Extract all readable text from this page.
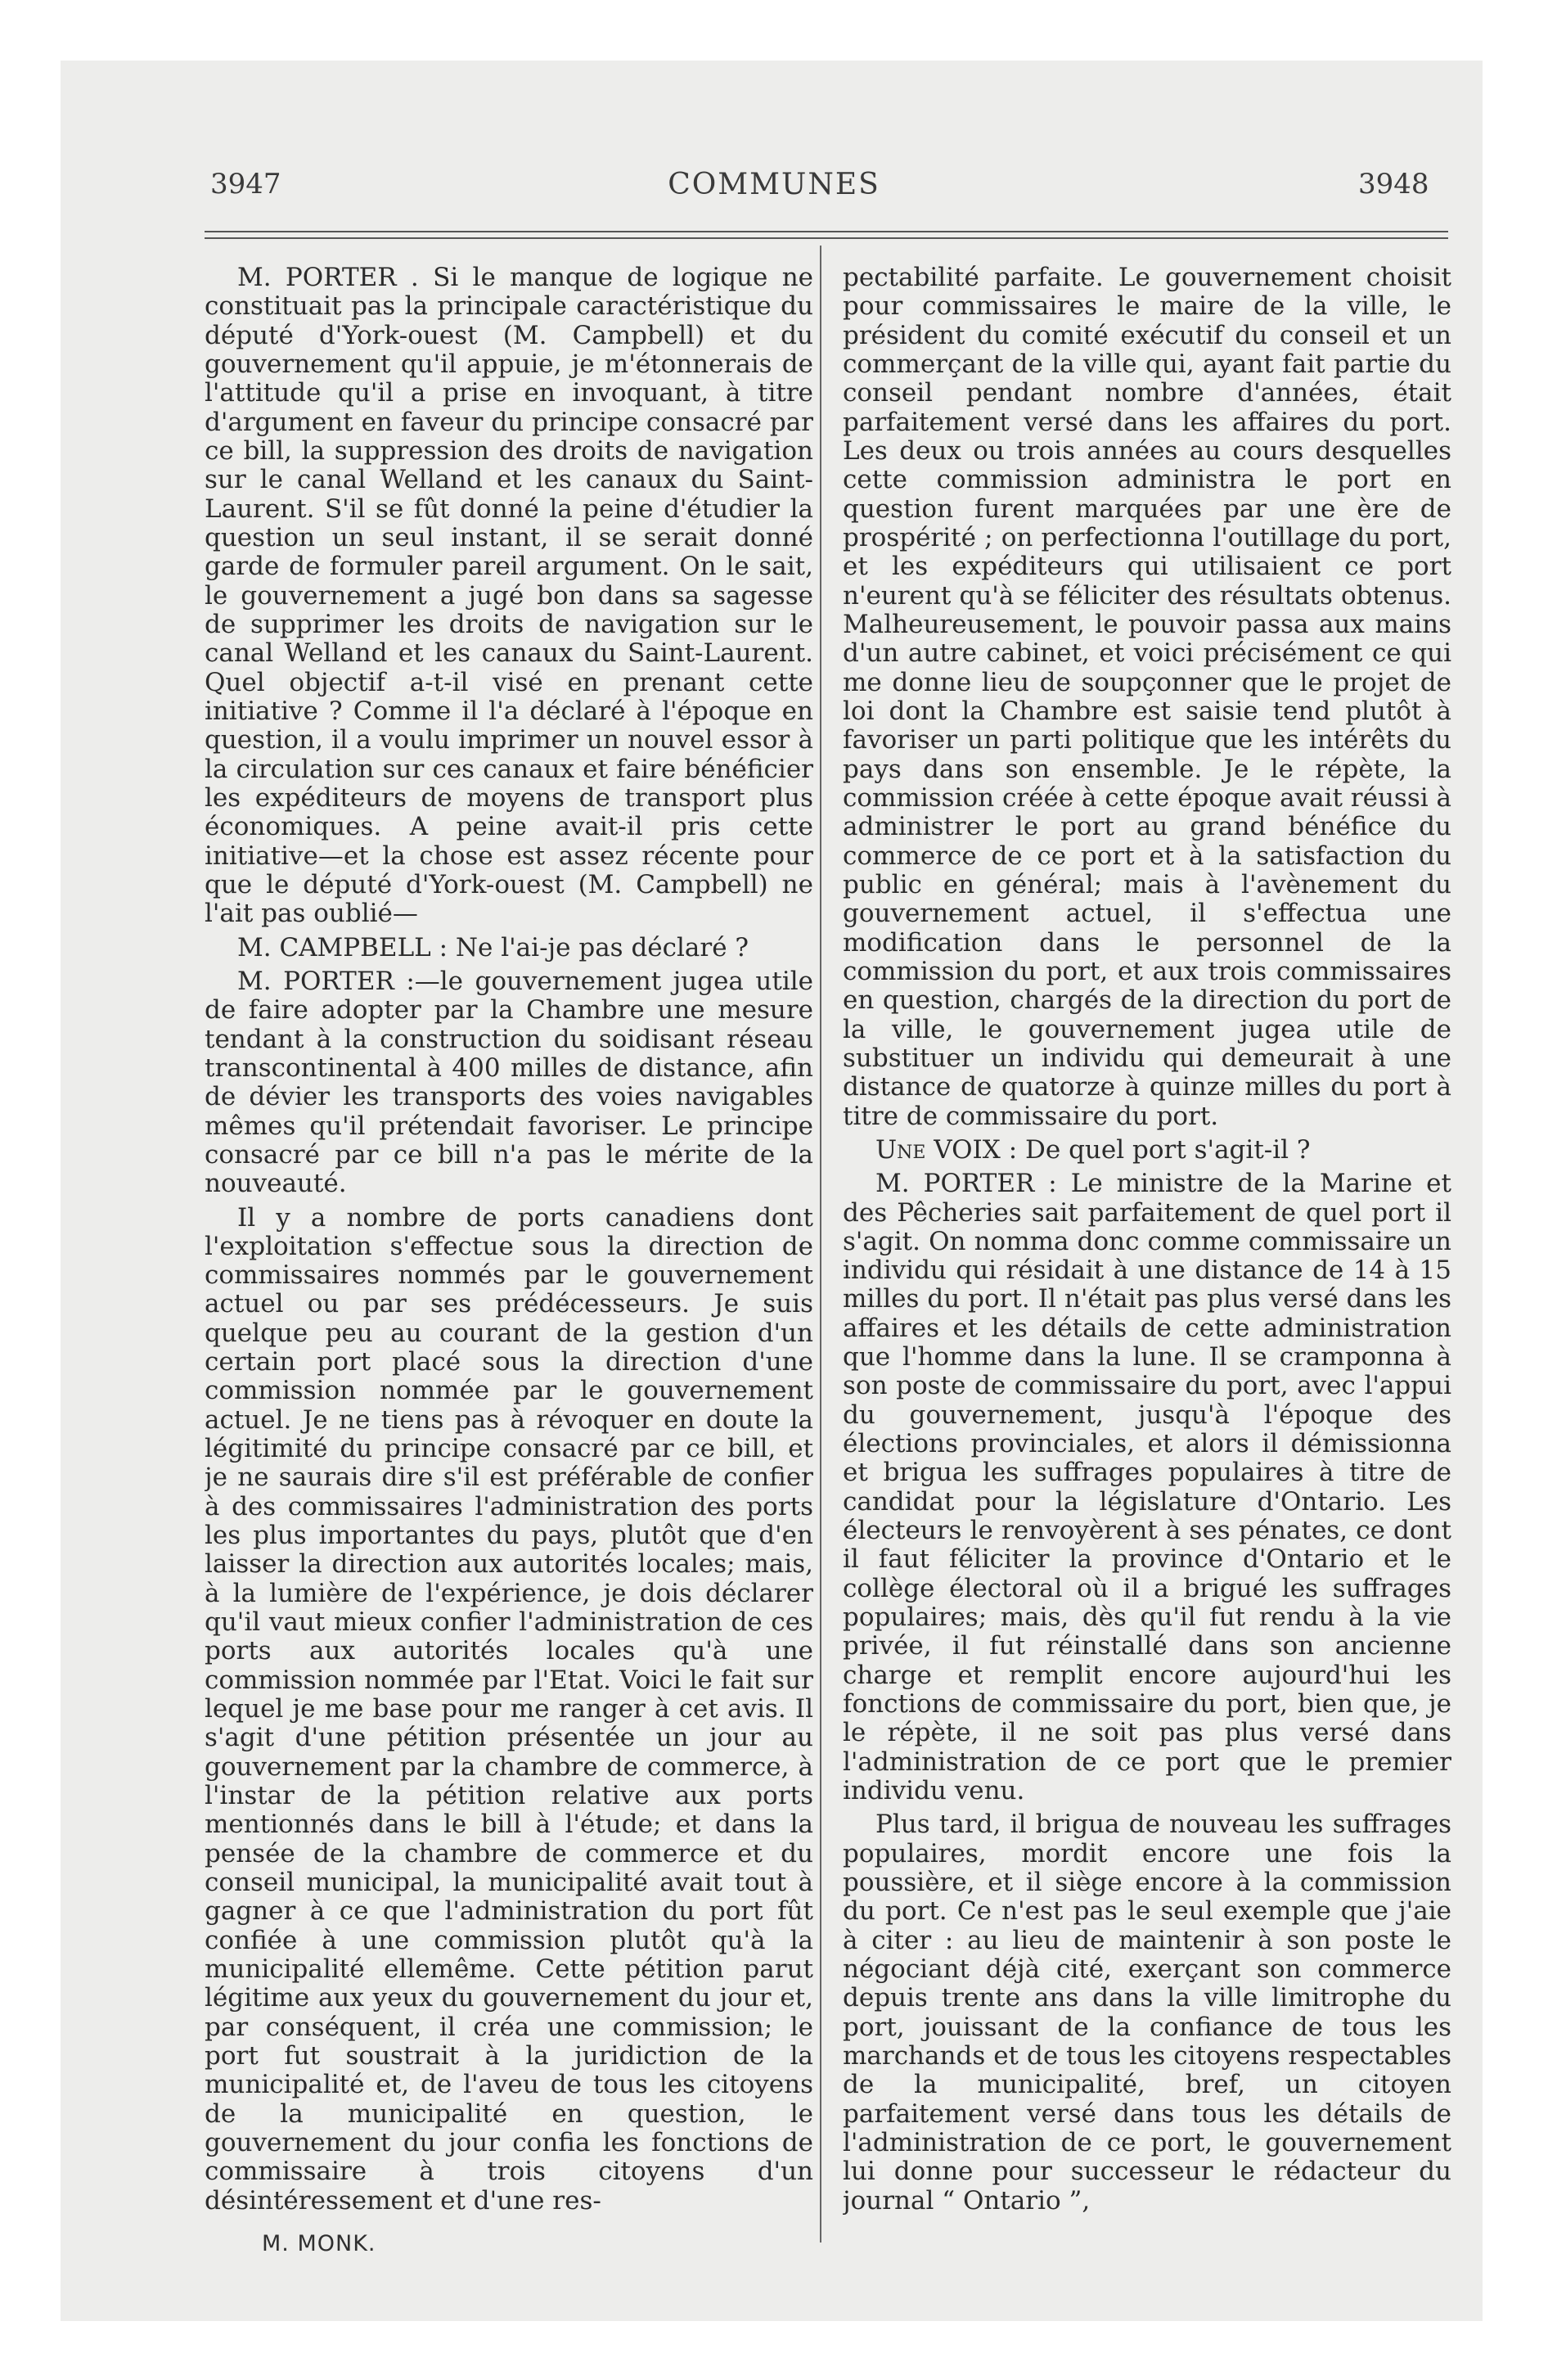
3947	COMMUNES	3948

M. PORTER . Si le manque de logique ne constituait pas la principale caractéristique du député d'York-ouest (M. Campbell) et du gouvernement qu'il appuie, je m'étonnerais de l'attitude qu'il a prise en invoquant, à titre d'argument en faveur du principe consacré par ce bill, la suppression des droits de navigation sur le canal Welland et les canaux du Saint-Laurent. S'il se fût donné la peine d'étudier la question un seul instant, il se serait donné garde de formuler pareil argument. On le sait, le gouvernement a jugé bon dans sa sagesse de supprimer les droits de navigation sur le canal Welland et les canaux du Saint-Laurent. Quel objectif a-t-il visé en prenant cette initiative ? Comme il l'a déclaré à l'époque en question, il a voulu imprimer un nouvel essor à la circulation sur ces canaux et faire bénéficier les expéditeurs de moyens de transport plus économiques. A peine avait-il pris cette initiative—et la chose est assez récente pour que le député d'York-ouest (M. Campbell) ne l'ait pas oublié—

M. CAMPBELL : Ne l'ai-je pas déclaré ?

M. PORTER :—le gouvernement jugea utile de faire adopter par la Chambre une mesure tendant à la construction du soidisant réseau transcontinental à 400 milles de distance, afin de dévier les transports des voies navigables mêmes qu'il prétendait favoriser. Le principe consacré par ce bill n'a pas le mérite de la nouveauté.

Il y a nombre de ports canadiens dont l'exploitation s'effectue sous la direction de commissaires nommés par le gouvernement actuel ou par ses prédécesseurs. Je suis quelque peu au courant de la gestion d'un certain port placé sous la direction d'une commission nommée par le gouvernement actuel. Je ne tiens pas à révoquer en doute la légitimité du principe consacré par ce bill, et je ne saurais dire s'il est préférable de confier à des commissaires l'administration des ports les plus importantes du pays, plutôt que d'en laisser la direction aux autorités locales; mais, à la lumière de l'expérience, je dois déclarer qu'il vaut mieux confier l'administration de ces ports aux autorités locales qu'à une commission nommée par l'Etat. Voici le fait sur lequel je me base pour me ranger à cet avis. Il s'agit d'une pétition présentée un jour au gouvernement par la chambre de commerce, à l'instar de la pétition relative aux ports mentionnés dans le bill à l'étude; et dans la pensée de la chambre de commerce et du conseil municipal, la municipalité avait tout à gagner à ce que l'administration du port fût confiée à une commission plutôt qu'à la municipalité ellemême. Cette pétition parut légitime aux yeux du gouvernement du jour et, par conséquent, il créa une commission; le port fut soustrait à la juridiction de la municipalité et, de l'aveu de tous les citoyens de la municipalité en question, le gouvernement du jour confia les fonctions de commissaire à trois citoyens d'un désintéressement et d'une res-

pectabilité parfaite. Le gouvernement choisit pour commissaires le maire de la ville, le président du comité exécutif du conseil et un commerçant de la ville qui, ayant fait partie du conseil pendant nombre d'années, était parfaitement versé dans les affaires du port. Les deux ou trois années au cours desquelles cette commission administra le port en question furent marquées par une ère de prospérité ; on perfectionna l'outillage du port, et les expéditeurs qui utilisaient ce port n'eurent qu'à se féliciter des résultats obtenus. Malheureusement, le pouvoir passa aux mains d'un autre cabinet, et voici précisément ce qui me donne lieu de soupçonner que le projet de loi dont la Chambre est saisie tend plutôt à favoriser un parti politique que les intérêts du pays dans son ensemble. Je le répète, la commission créée à cette époque avait réussi à administrer le port au grand bénéfice du commerce de ce port et à la satisfaction du public en général; mais à l'avènement du gouvernement actuel, il s'effectua une modification dans le personnel de la commission du port, et aux trois commissaires en question, chargés de la direction du port de la ville, le gouvernement jugea utile de substituer un individu qui demeurait à une distance de quatorze à quinze milles du port à titre de commissaire du port.

Une VOIX : De quel port s'agit-il ?

M. PORTER : Le ministre de la Marine et des Pêcheries sait parfaitement de quel port il s'agit. On nomma donc comme commissaire un individu qui résidait à une distance de 14 à 15 milles du port. Il n'était pas plus versé dans les affaires et les détails de cette administration que l'homme dans la lune. Il se cramponna à son poste de commissaire du port, avec l'appui du gouvernement, jusqu'à l'époque des élections provinciales, et alors il démissionna et brigua les suffrages populaires à titre de candidat pour la législature d'Ontario. Les électeurs le renvoyèrent à ses pénates, ce dont il faut féliciter la province d'Ontario et le collège électoral où il a brigué les suffrages populaires; mais, dès qu'il fut rendu à la vie privée, il fut réinstallé dans son ancienne charge et remplit encore aujourd'hui les fonctions de commissaire du port, bien que, je le répète, il ne soit pas plus versé dans l'administration de ce port que le premier individu venu.

Plus tard, il brigua de nouveau les suffrages populaires, mordit encore une fois la poussière, et il siège encore à la commission du port. Ce n'est pas le seul exemple que j'aie à citer : au lieu de maintenir à son poste le négociant déjà cité, exerçant son commerce depuis trente ans dans la ville limitrophe du port, jouissant de la confiance de tous les marchands et de tous les citoyens respectables de la municipalité, bref, un citoyen parfaitement versé dans tous les détails de l'administration de ce port, le gouvernement lui donne pour successeur le rédacteur du journal “ Ontario ”,

M. MONK.
